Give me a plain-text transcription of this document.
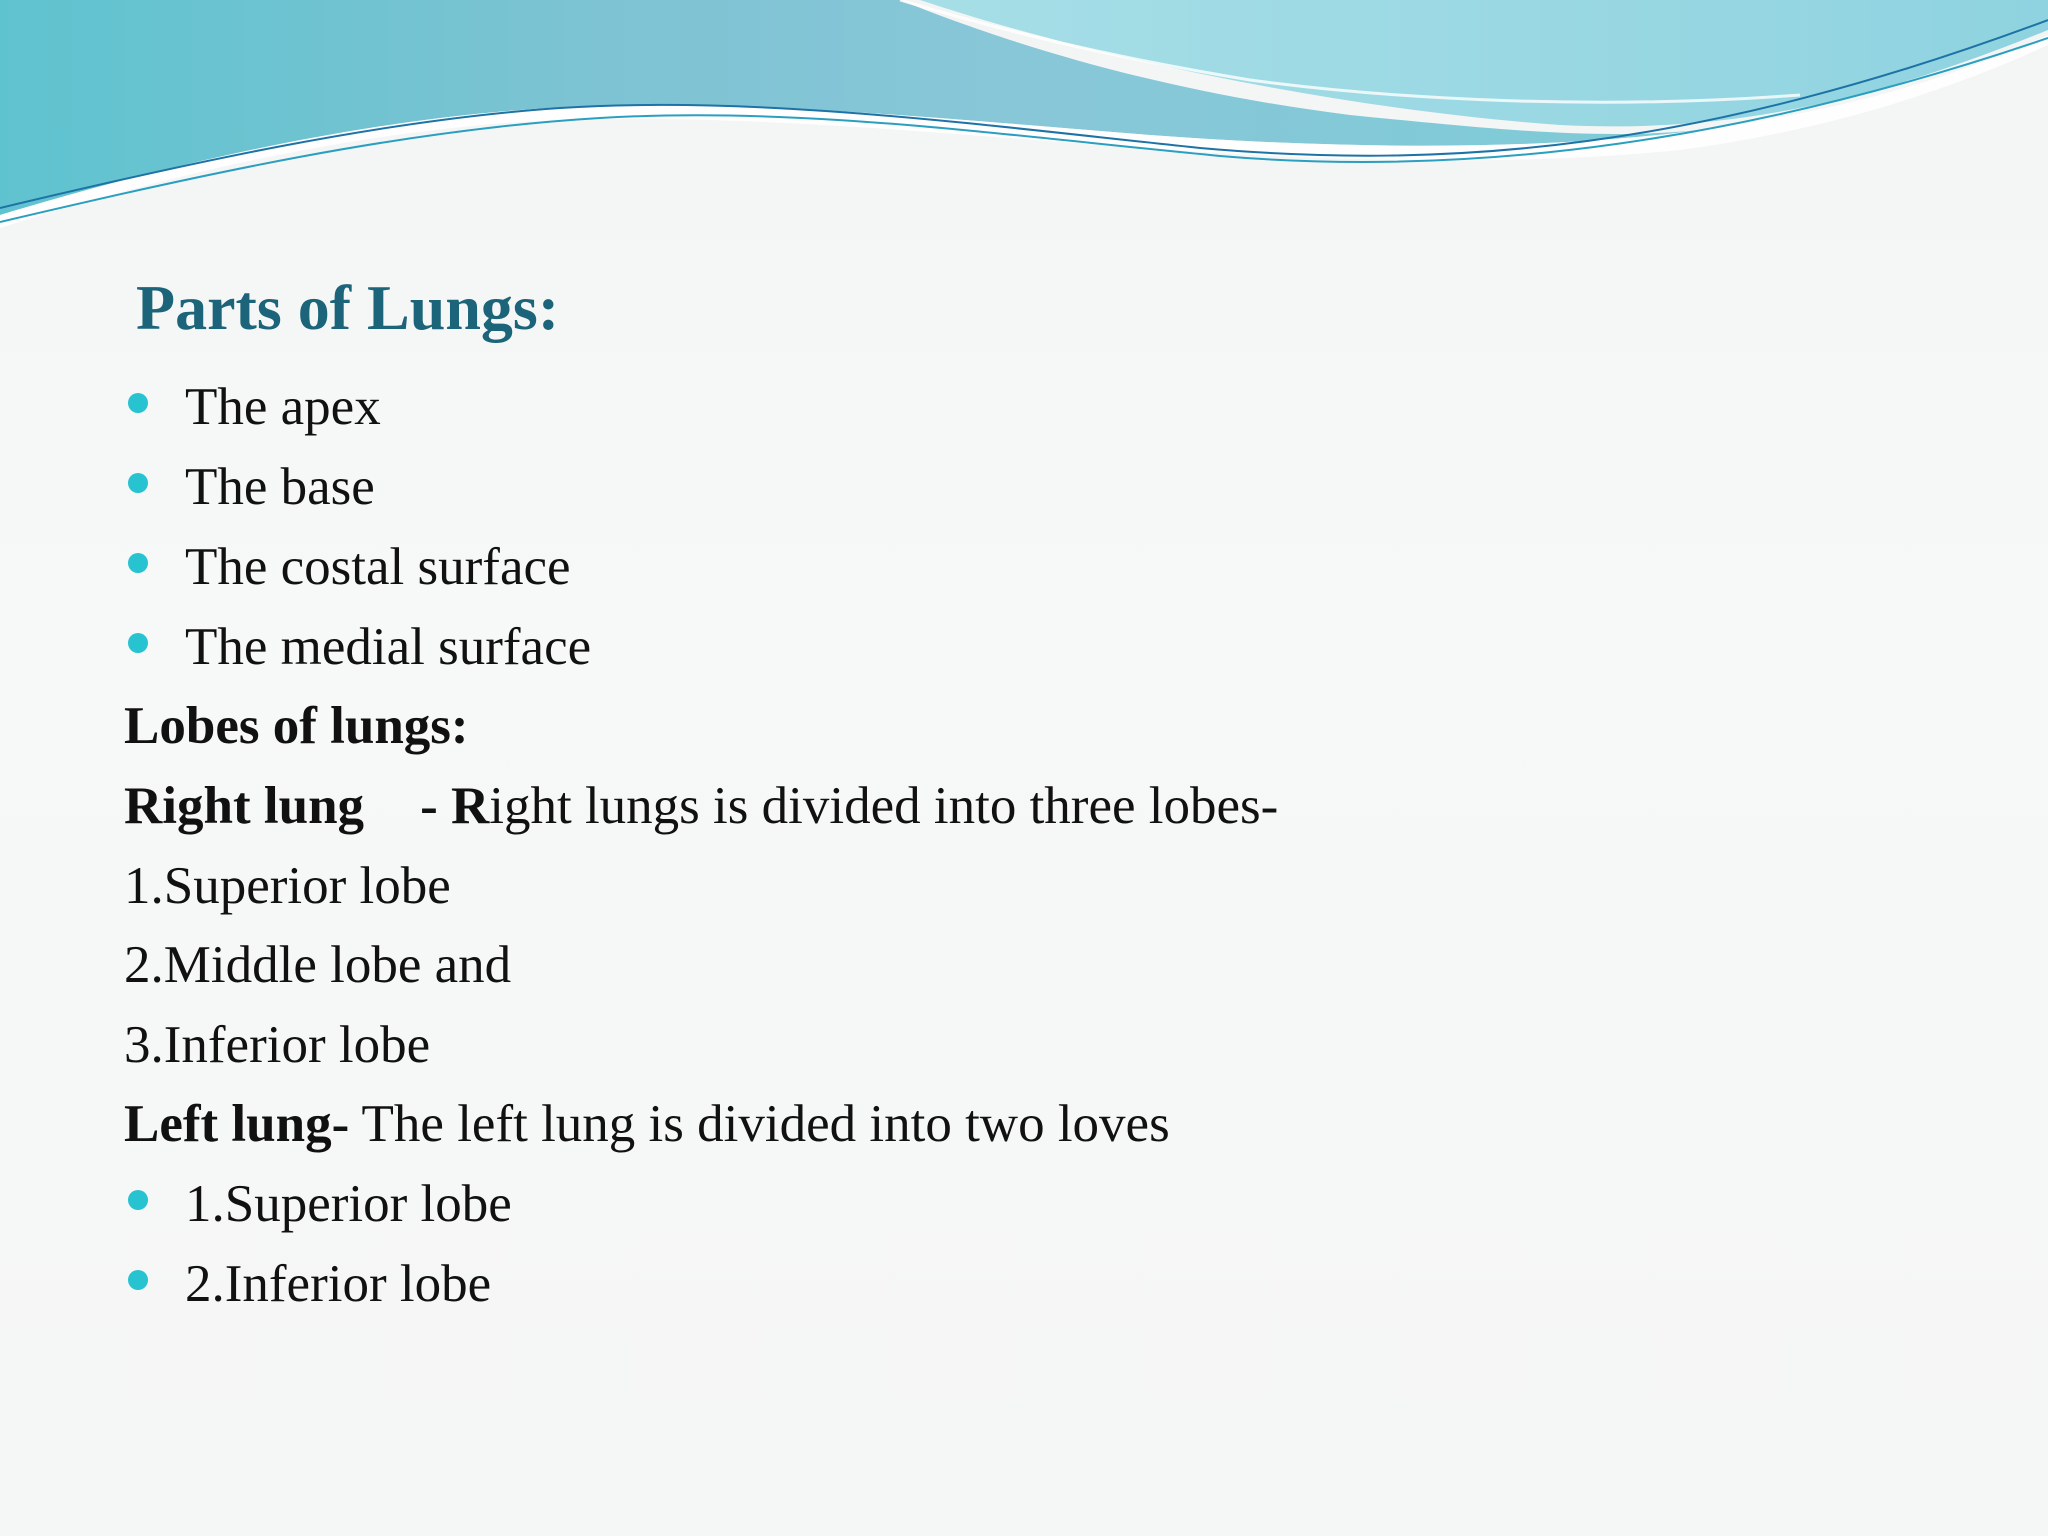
Parts of Lungs:
The apex
The base
The costal surface
The medial surface
Lobes of lungs:
Right lung - Right lungs is divided into three lobes-
1.Superior lobe
2.Middle lobe and
3.Inferior lobe
Left lung- The left lung is divided into two loves
1.Superior lobe
2.Inferior lobe
